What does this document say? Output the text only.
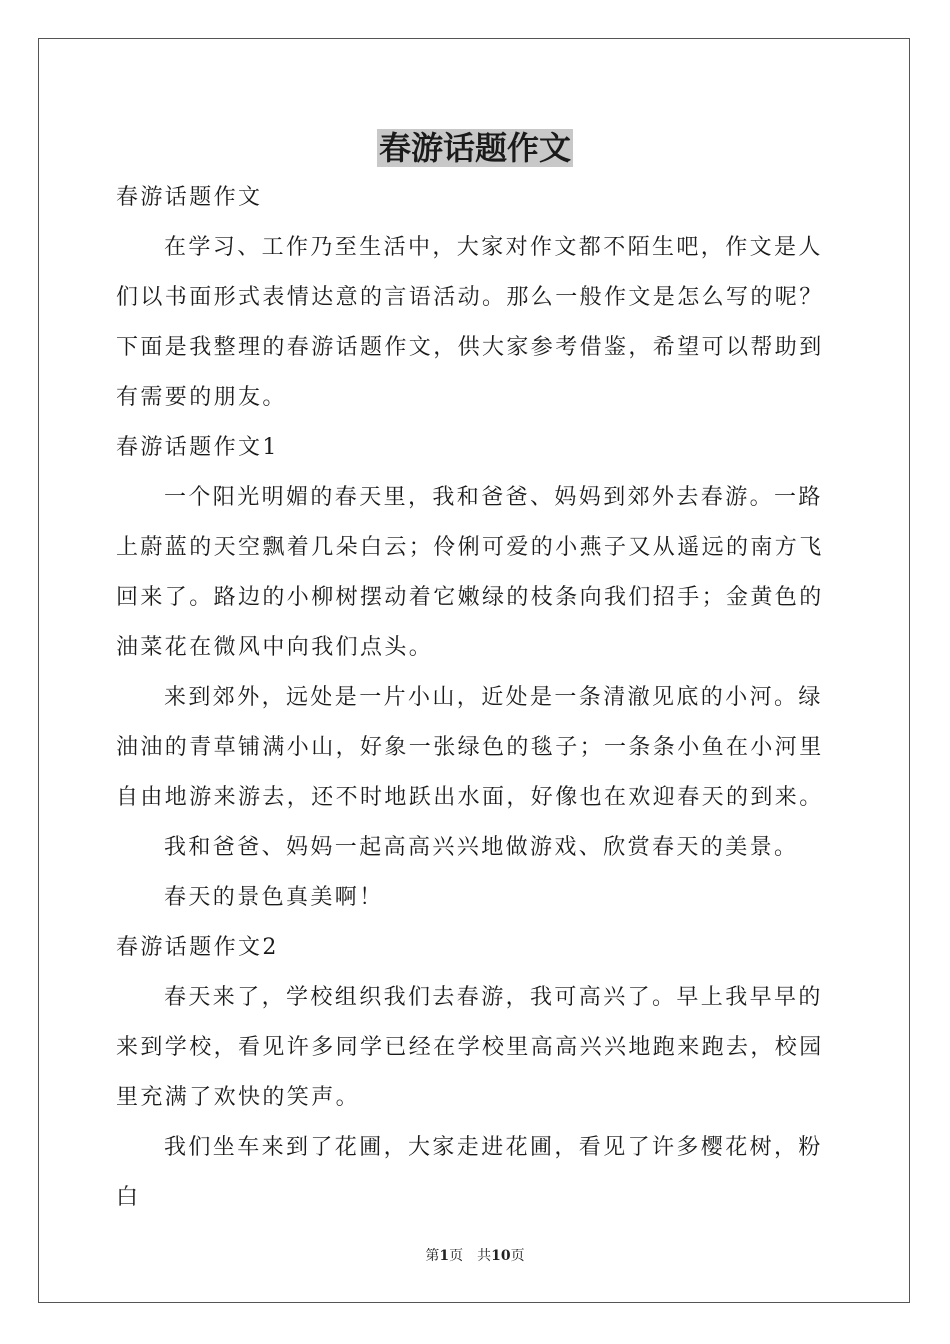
春游话题作文

春游话题作文

在学习、工作乃至生活中，大家对作文都不陌生吧，作文是人们以书面形式表情达意的言语活动。那么一般作文是怎么写的呢？下面是我整理的春游话题作文，供大家参考借鉴，希望可以帮助到有需要的朋友。

春游话题作文1

一个阳光明媚的春天里，我和爸爸、妈妈到郊外去春游。一路上蔚蓝的天空飘着几朵白云；伶俐可爱的小燕子又从遥远的南方飞回来了。路边的小柳树摆动着它嫩绿的枝条向我们招手；金黄色的油菜花在微风中向我们点头。

来到郊外，远处是一片小山，近处是一条清澈见底的小河。绿油油的青草铺满小山，好象一张绿色的毯子；一条条小鱼在小河里自由地游来游去，还不时地跃出水面，好像也在欢迎春天的到来。

我和爸爸、妈妈一起高高兴兴地做游戏、欣赏春天的美景。

春天的景色真美啊！

春游话题作文2

春天来了，学校组织我们去春游，我可高兴了。早上我早早的来到学校，看见许多同学已经在学校里高高兴兴地跑来跑去，校园里充满了欢快的笑声。

我们坐车来到了花圃，大家走进花圃，看见了许多樱花树，粉白

第1页 共10页
